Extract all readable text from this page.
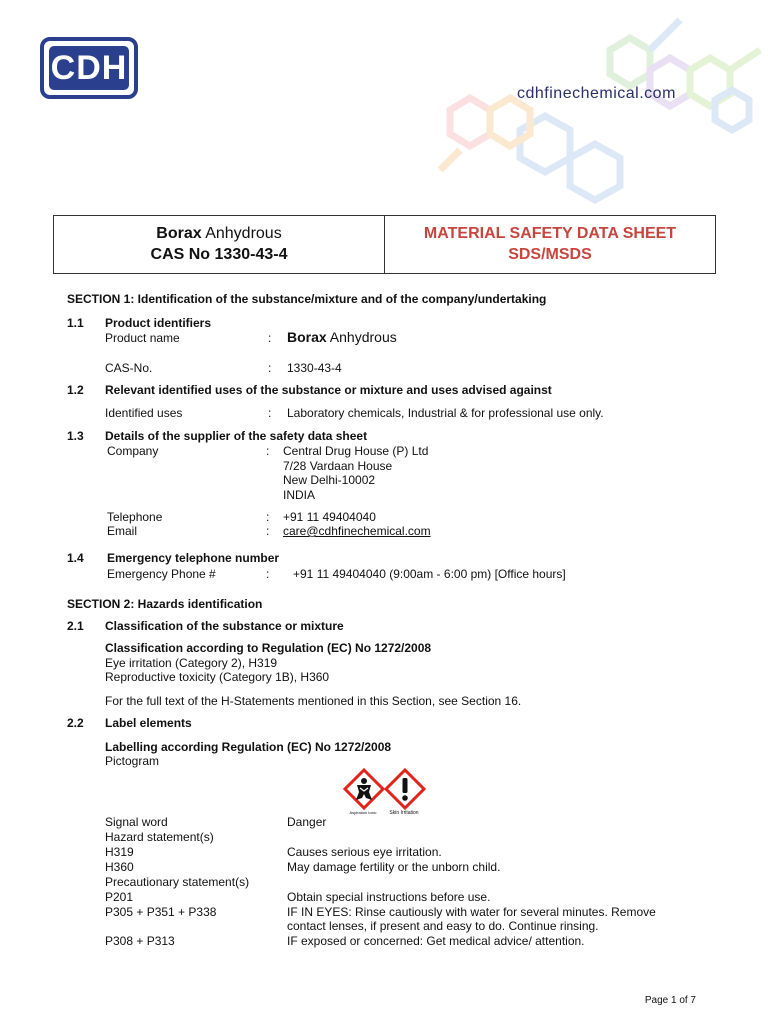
CDH
cdhfinechemical.com
Borax Anhydrous
CAS No 1330-43-4
MATERIAL SAFETY DATA SHEET
SDS/MSDS
SECTION 1: Identification of the substance/mixture and of the company/undertaking
1.1 Product identifiers
Product name	: Borax Anhydrous
CAS-No.	: 1330-43-4
1.2 Relevant identified uses of the substance or mixture and uses advised against
Identified uses	: Laboratory chemicals, Industrial & for professional use only.
1.3 Details of the supplier of the safety data sheet
Company	: Central Drug House (P) Ltd
7/28 Vardaan House
New Delhi-10002
INDIA
Telephone	: +91 11 49404040
Email	: care@cdhfinechemical.com
1.4 Emergency telephone number
Emergency Phone #	: +91 11 49404040 (9:00am - 6:00 pm) [Office hours]
SECTION 2: Hazards identification
2.1 Classification of the substance or mixture
Classification according to Regulation (EC) No 1272/2008
Eye irritation (Category 2), H319
Reproductive toxicity (Category 1B), H360
For the full text of the H-Statements mentioned in this Section, see Section 16.
2.2 Label elements
Labelling according Regulation (EC) No 1272/2008
Pictogram
Aspiration toxic	Skin Irritation
Signal word	Danger
Hazard statement(s)
H319	Causes serious eye irritation.
H360	May damage fertility or the unborn child.
Precautionary statement(s)
P201	Obtain special instructions before use.
P305 + P351 + P338	IF IN EYES: Rinse cautiously with water for several minutes. Remove
contact lenses, if present and easy to do. Continue rinsing.
P308 + P313	IF exposed or concerned: Get medical advice/ attention.
Page 1 of 7
